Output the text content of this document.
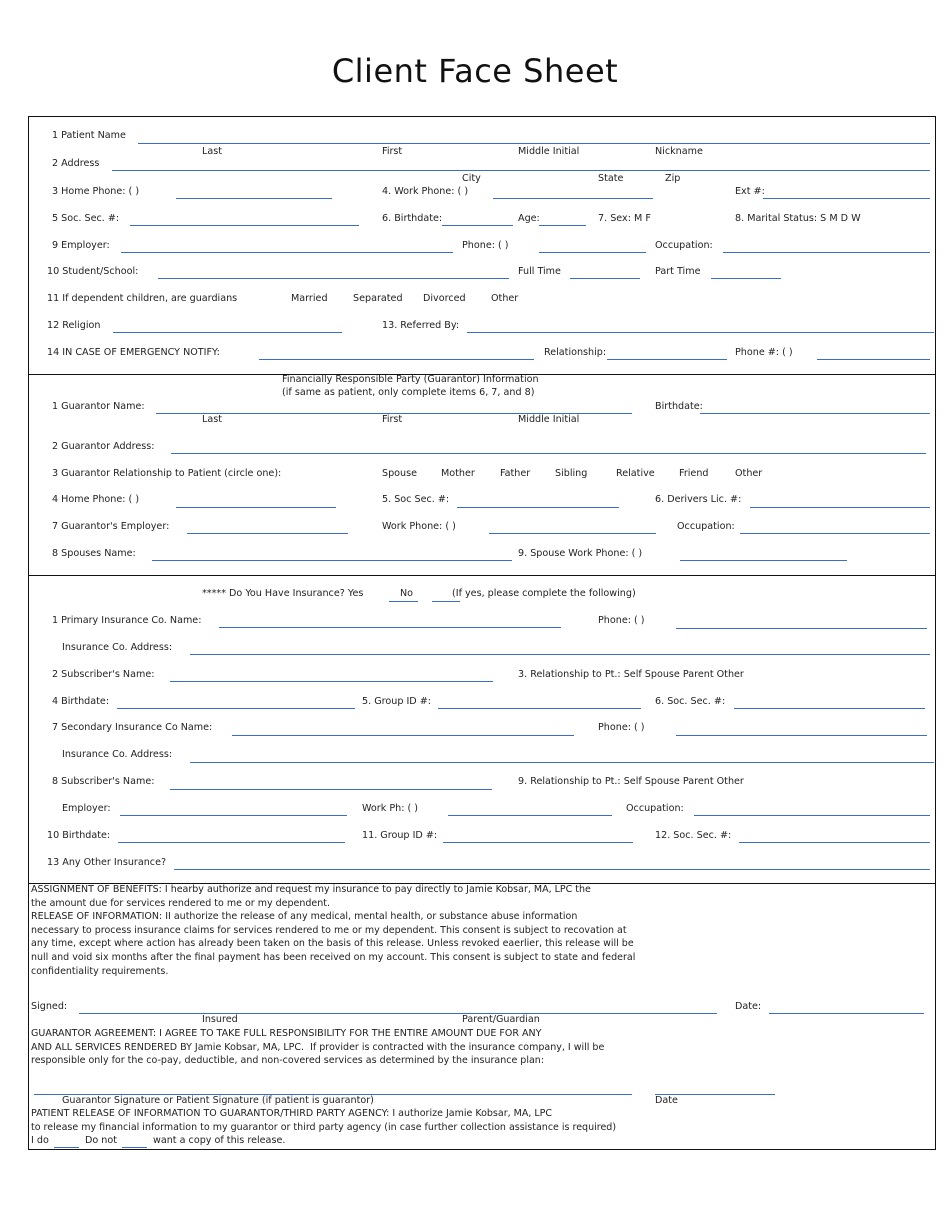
Client Face Sheet
1 Patient Name
Last	First	Middle Initial	Nickname
2 Address
City	State	Zip
3 Home Phone: ( )	4. Work Phone: ( )	Ext #:
5 Soc. Sec. #:	6. Birthdate:	Age:	7. Sex: M F	8. Marital Status: S M D W
9 Employer:	Phone: ( )	Occupation:
10 Student/School:	Full Time	Part Time
11 If dependent children, are guardians	Married	Separated Divorced	Other
12 Religion	13. Referred By:
14 IN CASE OF EMERGENCY NOTIFY:	Relationship:	Phone #: ( )
Financially Responsible Party (Guarantor) Information
(if same as patient, only complete items 6, 7, and 8)
1 Guarantor Name:	Birthdate:
Last	First	Middle Initial
2 Guarantor Address:
3 Guarantor Relationship to Patient (circle one):	Spouse Mother	Father	Sibling	Relative	Friend	Other
4 Home Phone: ( )	5. Soc Sec. #:	6. Derivers Lic. #:
7 Guarantor's Employer:	Work Phone: ( )	Occupation:
8 Spouses Name:	9. Spouse Work Phone: ( )
***** Do You Have Insurance? Yes	No	(If yes, please complete the following)
1 Primary Insurance Co. Name:	Phone: ( )
Insurance Co. Address:
2 Subscriber's Name:	3. Relationship to Pt.: Self Spouse Parent Other
4 Birthdate:	5. Group ID #:	6. Soc. Sec. #:
7 Secondary Insurance Co Name:	Phone: ( )
Insurance Co. Address:
8 Subscriber's Name:	9. Relationship to Pt.: Self Spouse Parent Other
Employer:	Work Ph: ( )	Occupation:
10 Birthdate:	11. Group ID #:	12. Soc. Sec. #:
13 Any Other Insurance?
ASSIGNMENT OF BENEFITS: I hearby authorize and request my insurance to pay directly to Jamie Kobsar, MA, LPC the
the amount due for services rendered to me or my dependent.
RELEASE OF INFORMATION: II authorize the release of any medical, mental health, or substance abuse information
necessary to process insurance claims for services rendered to me or my dependent. This consent is subject to recovation at
any time, except where action has already been taken on the basis of this release. Unless revoked eaerlier, this release will be
null and void six months after the final payment has been received on my account. This consent is subject to state and federal
confidentiality requirements.
Signed:	Date:
Insured	Parent/Guardian
GUARANTOR AGREEMENT: I AGREE TO TAKE FULL RESPONSIBILITY FOR THE ENTIRE AMOUNT DUE FOR ANY
AND ALL SERVICES RENDERED BY Jamie Kobsar, MA, LPC.  If provider is contracted with the insurance company, I will be
responsible only for the co-pay, deductible, and non-covered services as determined by the insurance plan:
Guarantor Signature or Patient Signature (if patient is guarantor)	Date
PATIENT RELEASE OF INFORMATION TO GUARANTOR/THIRD PARTY AGENCY: I authorize Jamie Kobsar, MA, LPC
to release my financial information to my guarantor or third party agency (in case further collection assistance is required)
I do	Do not	want a copy of this release.
